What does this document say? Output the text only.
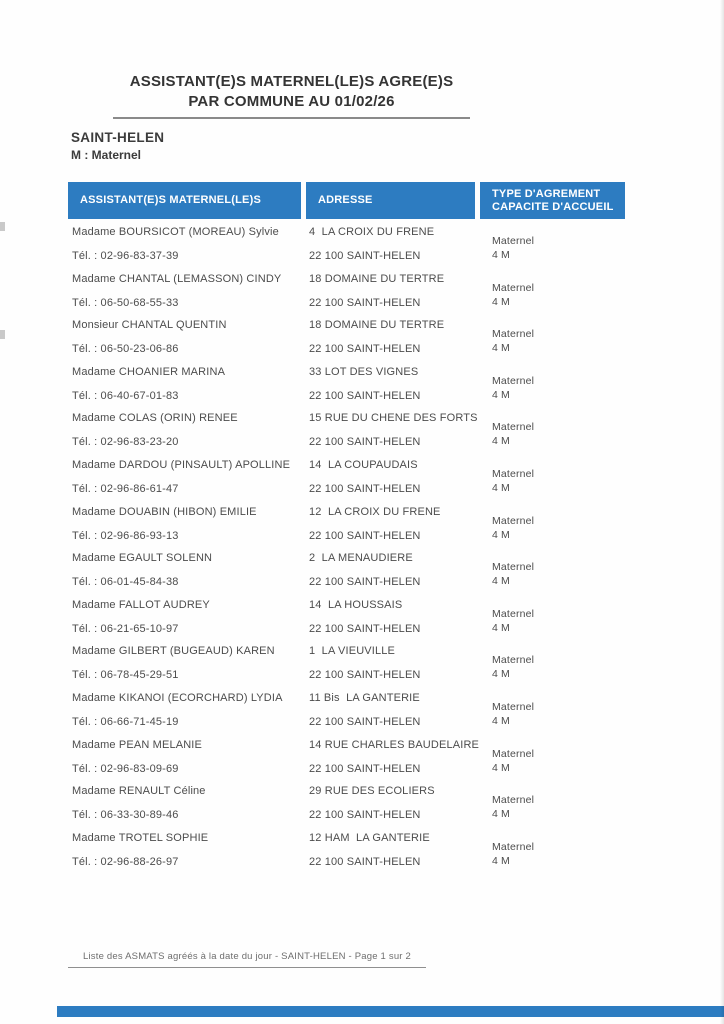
ASSISTANT(E)S MATERNEL(LE)S AGRE(E)S
PAR COMMUNE AU 01/02/26
SAINT-HELEN
M : Maternel
ASSISTANT(E)S MATERNEL(LE)S	ADRESSE
TYPE D'AGREMENT
CAPACITE D'ACCUEIL
Madame BOURSICOT (MOREAU) Sylvie
Tél. : 02-96-83-37-39
4  LA CROIX DU FRENE
22 100 SAINT-HELEN
Maternel
4 M
Madame CHANTAL (LEMASSON) CINDY
Tél. : 06-50-68-55-33
18 DOMAINE DU TERTRE
22 100 SAINT-HELEN
Maternel
4 M
Monsieur CHANTAL QUENTIN
Tél. : 06-50-23-06-86
18 DOMAINE DU TERTRE
22 100 SAINT-HELEN
Maternel
4 M
Madame CHOANIER MARINA
Tél. : 06-40-67-01-83
33 LOT DES VIGNES
22 100 SAINT-HELEN
Maternel
4 M
Madame COLAS (ORIN) RENEE
Tél. : 02-96-83-23-20
15 RUE DU CHENE DES FORTS
22 100 SAINT-HELEN
Maternel
4 M
Madame DARDOU (PINSAULT) APOLLINE
Tél. : 02-96-86-61-47
14  LA COUPAUDAIS
22 100 SAINT-HELEN
Maternel
4 M
Madame DOUABIN (HIBON) EMILIE
Tél. : 02-96-86-93-13
12  LA CROIX DU FRENE
22 100 SAINT-HELEN
Maternel
4 M
Madame EGAULT SOLENN
Tél. : 06-01-45-84-38
2  LA MENAUDIERE
22 100 SAINT-HELEN
Maternel
4 M
Madame FALLOT AUDREY
Tél. : 06-21-65-10-97
14  LA HOUSSAIS
22 100 SAINT-HELEN
Maternel
4 M
Madame GILBERT (BUGEAUD) KAREN
Tél. : 06-78-45-29-51
1  LA VIEUVILLE
22 100 SAINT-HELEN
Maternel
4 M
Madame KIKANOI (ECORCHARD) LYDIA
Tél. : 06-66-71-45-19
11 Bis  LA GANTERIE
22 100 SAINT-HELEN
Maternel
4 M
Madame PEAN MELANIE
Tél. : 02-96-83-09-69
14 RUE CHARLES BAUDELAIRE
22 100 SAINT-HELEN
Maternel
4 M
Madame RENAULT Céline
Tél. : 06-33-30-89-46
29 RUE DES ECOLIERS
22 100 SAINT-HELEN
Maternel
4 M
Madame TROTEL SOPHIE
Tél. : 02-96-88-26-97
12 HAM  LA GANTERIE
22 100 SAINT-HELEN
Maternel
4 M
Liste des ASMATS agréés à la date du jour - SAINT-HELEN - Page 1 sur 2
